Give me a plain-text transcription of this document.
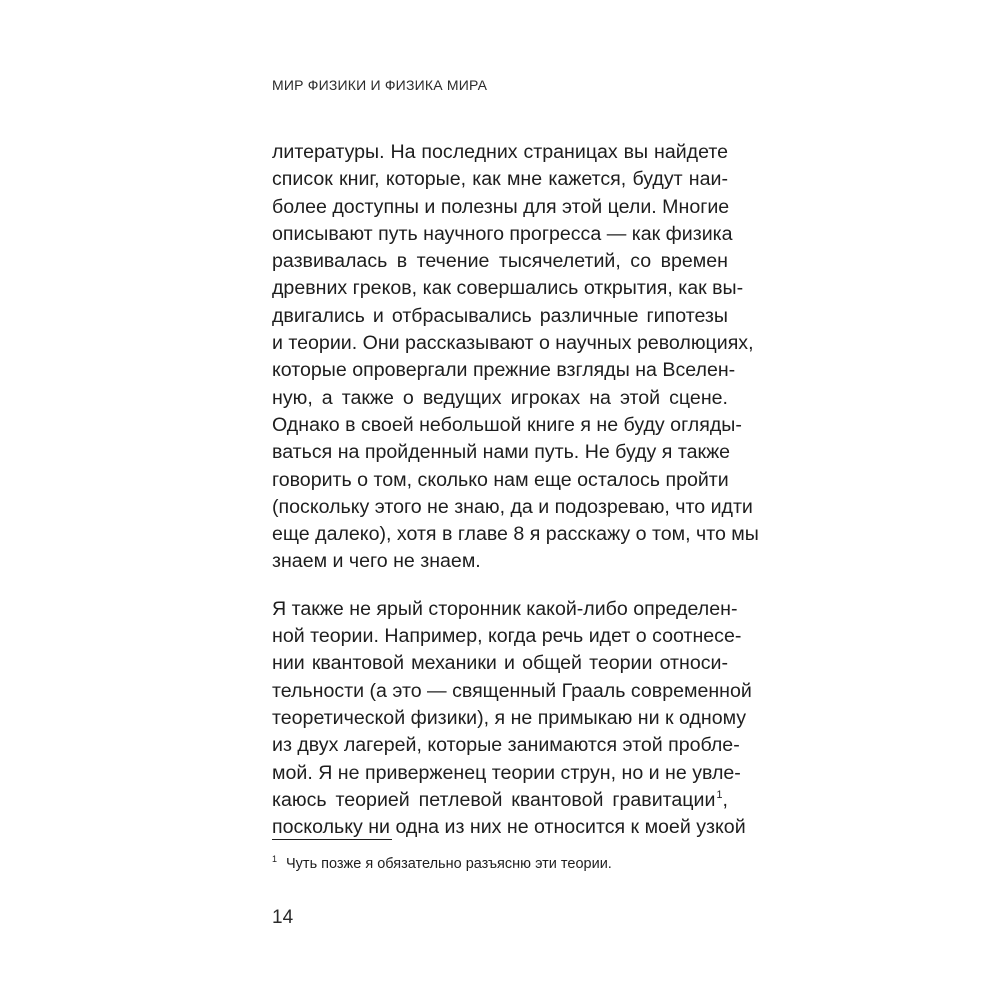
МИР ФИЗИКИ И ФИЗИКА МИРА

литературы. На последних страницах вы найдете
список книг, которые, как мне кажется, будут наи-
более доступны и полезны для этой цели. Многие
описывают путь научного прогресса — как физика
развивалась в течение тысячелетий, со времен
древних греков, как совершались открытия, как вы-
двигались и отбрасывались различные гипотезы
и теории. Они рассказывают о научных революциях,
которые опровергали прежние взгляды на Вселен-
ную, а также о ведущих игроках на этой сцене.
Однако в своей небольшой книге я не буду огляды-
ваться на пройденный нами путь. Не буду я также
говорить о том, сколько нам еще осталось пройти
(поскольку этого не знаю, да и подозреваю, что идти
еще далеко), хотя в главе 8 я расскажу о том, что мы
знаем и чего не знаем.

Я также не ярый сторонник какой-либо определен-
ной теории. Например, когда речь идет о соотнесе-
нии квантовой механики и общей теории относи-
тельности (а это — священный Грааль современной
теоретической физики), я не примыкаю ни к одному
из двух лагерей, которые занимаются этой пробле-
мой. Я не приверженец теории струн, но и не увле-
каюсь теорией петлевой квантовой гравитации$^1$,
поскольку ни одна из них не относится к моей узкой

$^1$ Чуть позже я обязательно разъясню эти теории.
14
